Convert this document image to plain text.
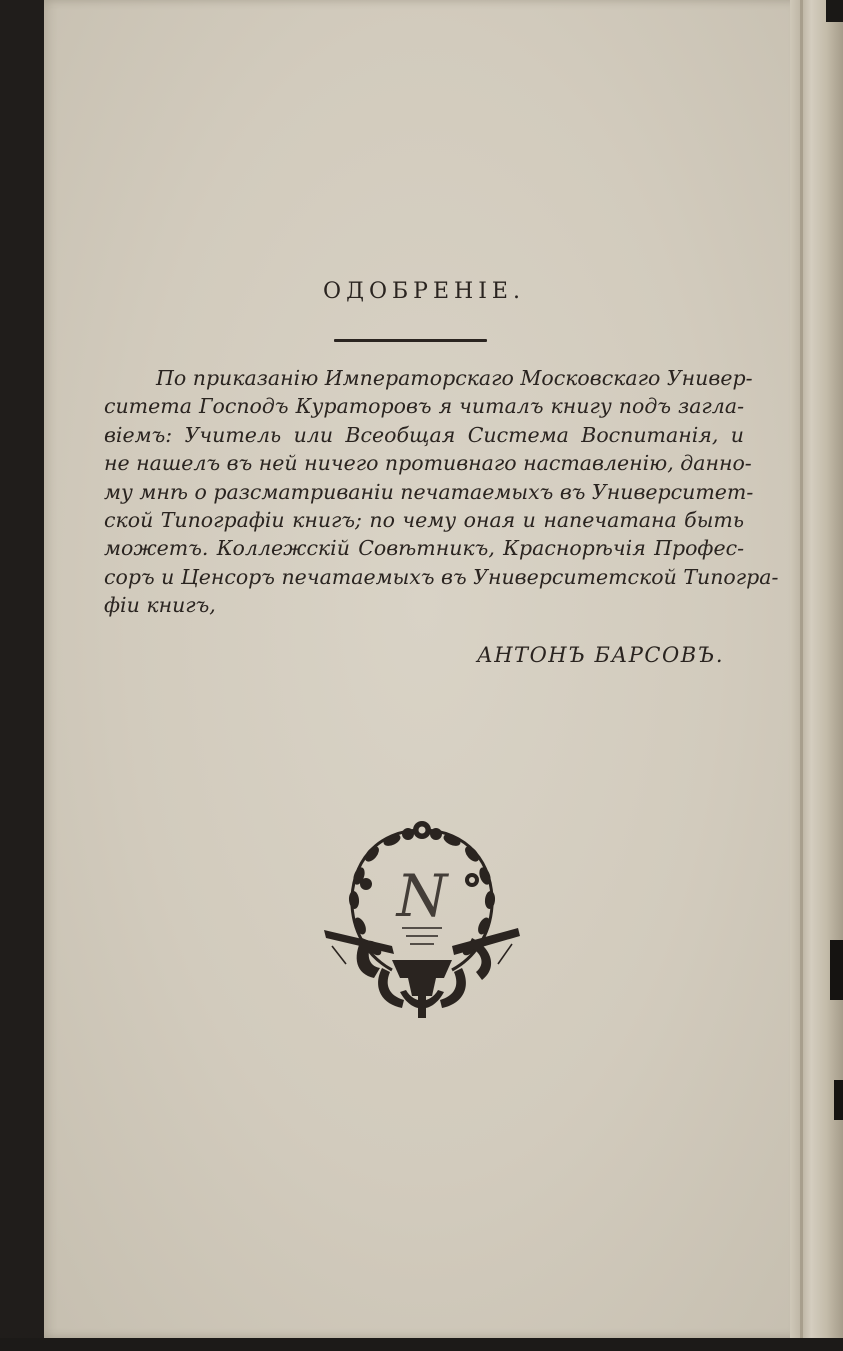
ОДОБРЕНІЕ.
По приказанію Императорскаго Московскаго Универ-
ситета Господъ Кураторовъ я читалъ книгу подъ загла-
віемъ: Учитель или Всеобщая Система Воспитанія, и
не нашелъ въ ней ничего противнаго наставленію, данно-
му мнѣ о разсматриваніи печатаемыхъ въ Университет-
ской Типографіи книгъ; по чему оная и напечатана быть
можетъ. Коллежскій Совѣтникъ, Краснорѣчія Профес-
соръ и Ценсоръ печатаемыхъ въ Университетской Типогра-
фіи книгъ,
АНТОНЪ БАРСОВЪ.
N
